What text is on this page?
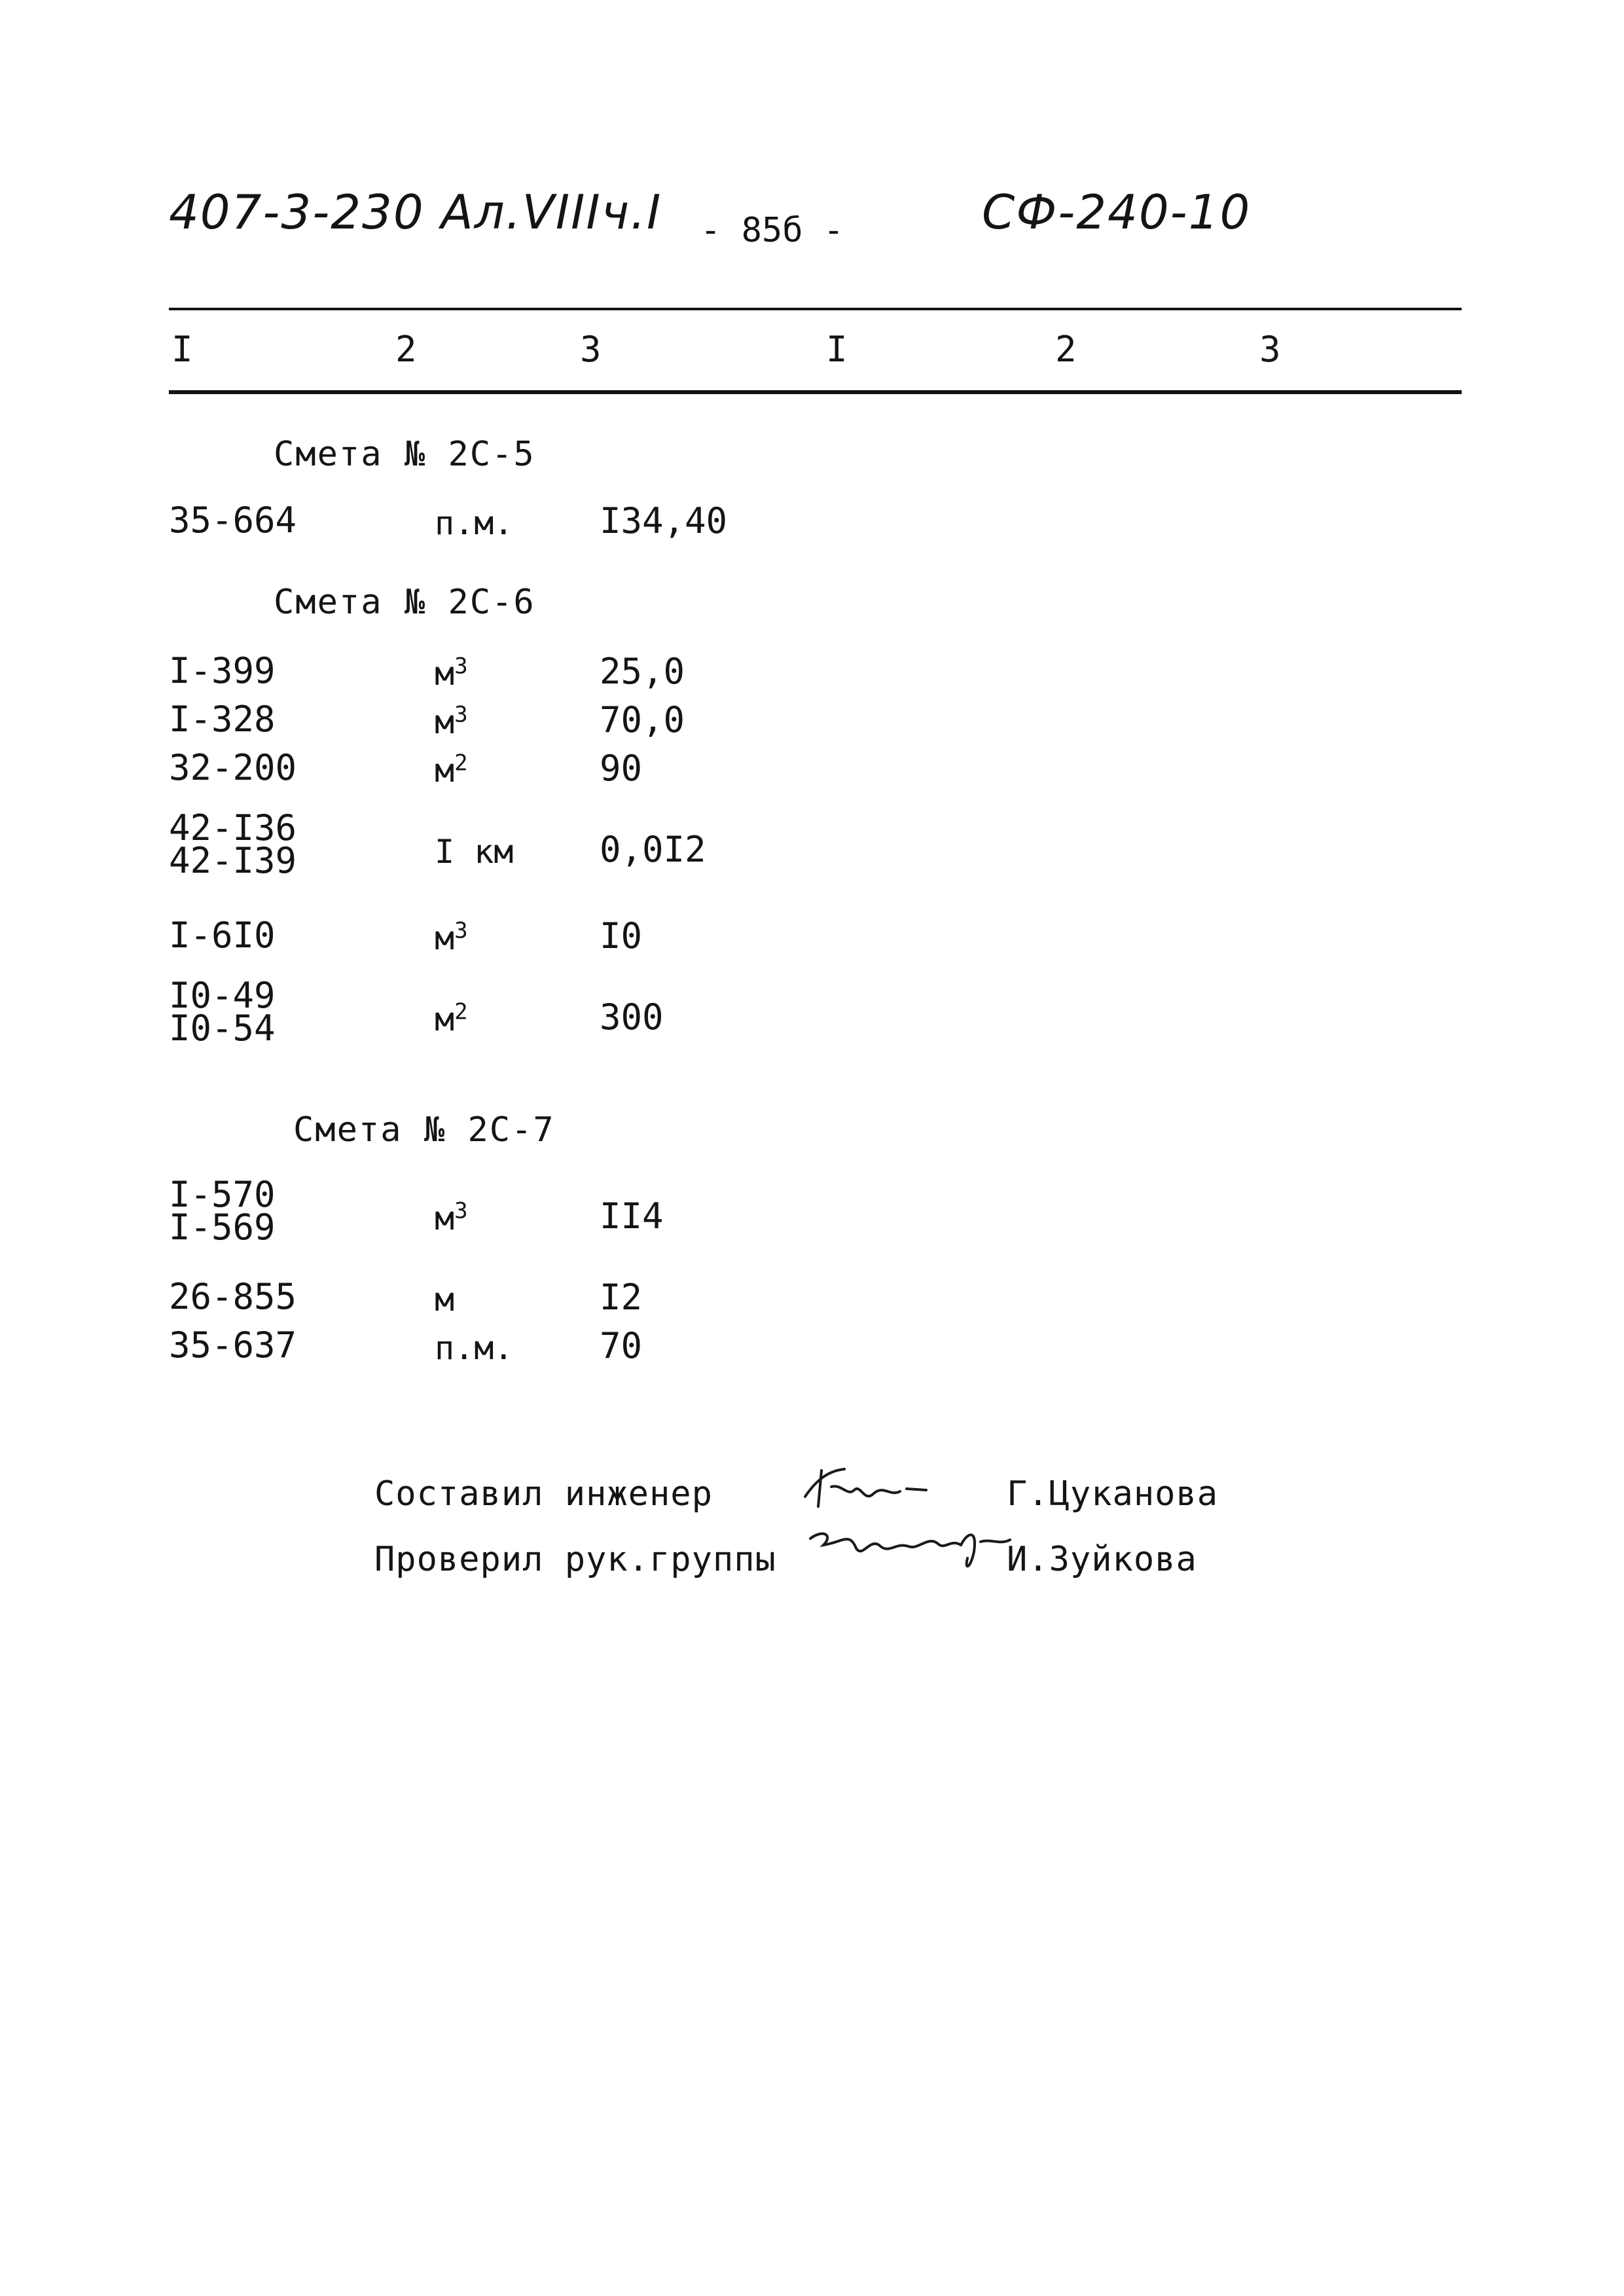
407-3-230 Ал.VIIIч.I - 85б -	СФ-240-10
I	2	3	I	2	3
Смета № 2С-5
35-664	п.м. I34,40
Смета № 2С-6
I-399	$м^3$	25,0
I-328	$м^3$	70,0
32-200	$м^2$	90
42-I36
42-I39	I км 0,0I2
I-6I0	$м^3$	I0
I0-49
I0-54	$м^2$	300
Смета № 2С-7
I-570
I-569	$м^3$	II4
26-855	м	I2
35-637	п.м. 70
Составил инженер	Г.Цуканова
Проверил рук.группы	И.Зуйкова
